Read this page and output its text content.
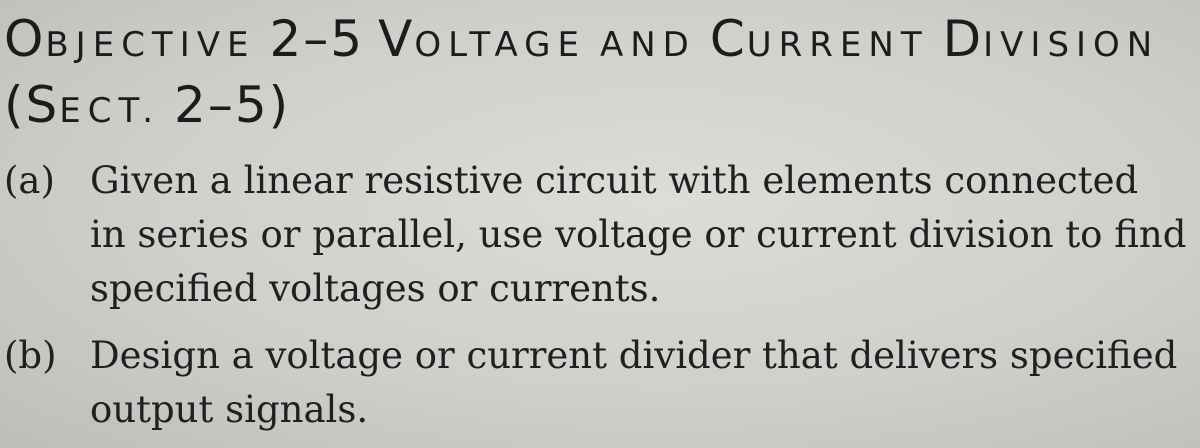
OBJECTIVE 2–5 VOLTAGE AND CURRENT DIVISION
(SECT. 2–5)
(a) Given a linear resistive circuit with elements connected
in series or parallel, use voltage or current division to find
specified voltages or currents.
(b) Design a voltage or current divider that delivers specified
output signals.
